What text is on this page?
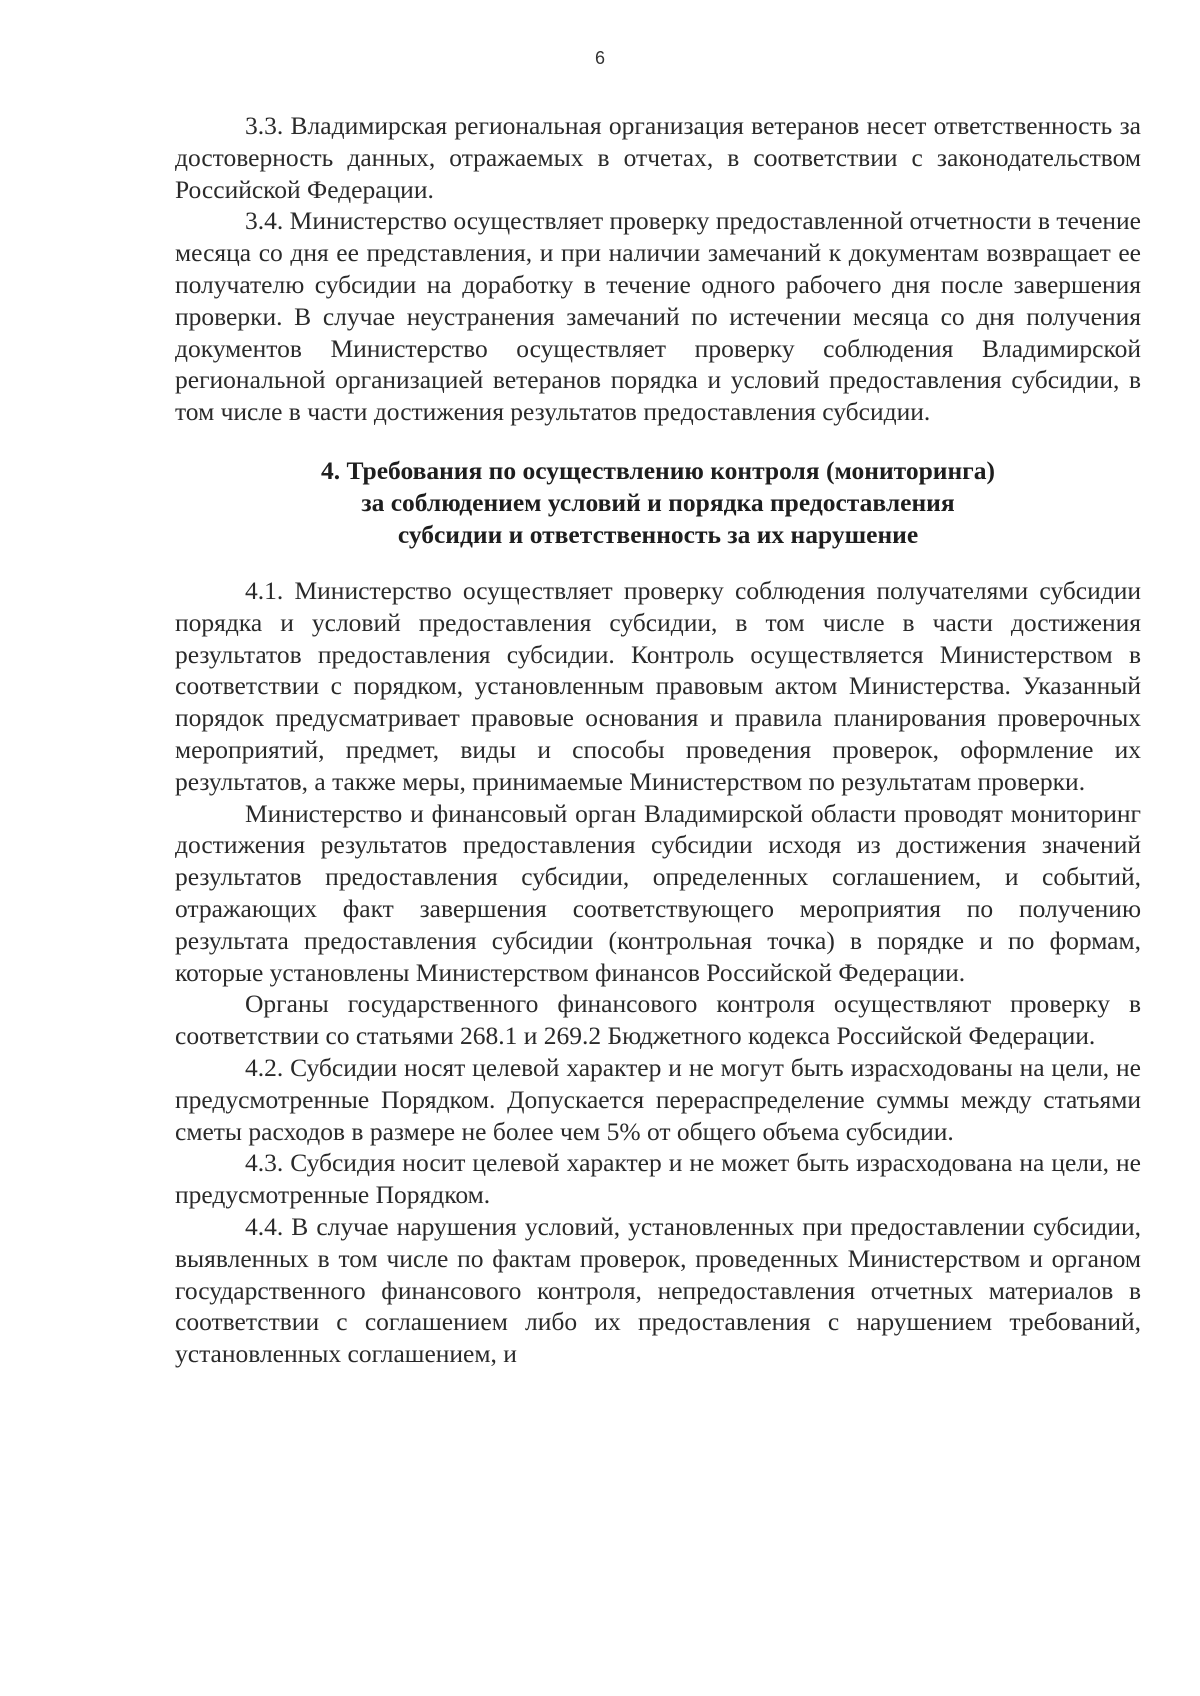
6

3.3. Владимирская региональная организация ветеранов несет ответственность за достоверность данных, отражаемых в отчетах, в соответствии с законодательством Российской Федерации.

3.4. Министерство осуществляет проверку предоставленной отчетности в течение месяца со дня ее представления, и при наличии замечаний к документам возвращает ее получателю субсидии на доработку в течение одного рабочего дня после завершения проверки. В случае неустранения замечаний по истечении месяца со дня получения документов Министерство осуществляет проверку соблюдения Владимирской региональной организацией ветеранов порядка и условий предоставления субсидии, в том числе в части достижения результатов предоставления субсидии.

4. Требования по осуществлению контроля (мониторинга)
за соблюдением условий и порядка предоставления
субсидии и ответственность за их нарушение

4.1. Министерство осуществляет проверку соблюдения получателями субсидии порядка и условий предоставления субсидии, в том числе в части достижения результатов предоставления субсидии. Контроль осуществляется Министерством в соответствии с порядком, установленным правовым актом Министерства. Указанный порядок предусматривает правовые основания и правила планирования проверочных мероприятий, предмет, виды и способы проведения проверок, оформление их результатов, а также меры, принимаемые Министерством по результатам проверки.

Министерство и финансовый орган Владимирской области проводят мониторинг достижения результатов предоставления субсидии исходя из достижения значений результатов предоставления субсидии, определенных соглашением, и событий, отражающих факт завершения соответствующего мероприятия по получению результата предоставления субсидии (контрольная точка) в порядке и по формам, которые установлены Министерством финансов Российской Федерации.

Органы государственного финансового контроля осуществляют проверку в соответствии со статьями 268.1 и 269.2 Бюджетного кодекса Российской Федерации.

4.2. Субсидии носят целевой характер и не могут быть израсходованы на цели, не предусмотренные Порядком. Допускается перераспределение суммы между статьями сметы расходов в размере не более чем 5% от общего объема субсидии.

4.3. Субсидия носит целевой характер и не может быть израсходована на цели, не предусмотренные Порядком.

4.4. В случае нарушения условий, установленных при предоставлении субсидии, выявленных в том числе по фактам проверок, проведенных Министерством и органом государственного финансового контроля, непредоставления отчетных материалов в соответствии с соглашением либо их предоставления с нарушением требований, установленных соглашением, и
